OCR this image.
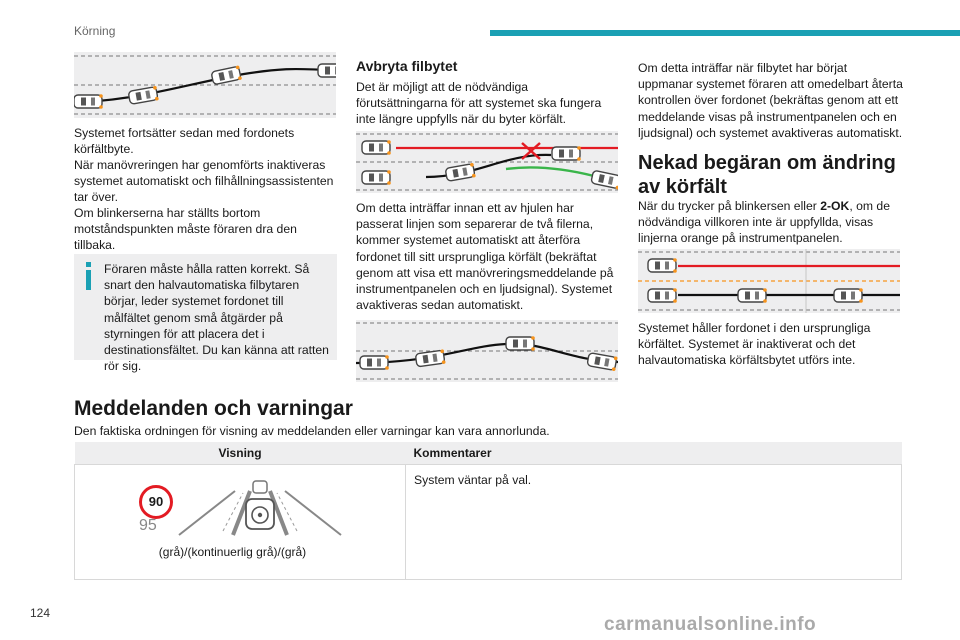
Körning
Systemet fortsätter sedan med fordonets körfältbyte.
När manövreringen har genomförts inaktiveras systemet automatiskt och filhållningsassistenten tar över.
Om blinkerserna har ställts bortom motståndspunkten måste föraren dra den tillbaka.
Föraren måste hålla ratten korrekt. Så snart den halvautomatiska filbytaren börjar, leder systemet fordonet till målfältet genom små åtgärder på styrningen för att placera det i destinationsfältet. Du kan känna att ratten rör sig.
Avbryta filbytet
Det är möjligt att de nödvändiga förutsättningarna för att systemet ska fungera inte längre uppfylls när du byter körfält.
Om detta inträffar innan ett av hjulen har passerat linjen som separerar de två filerna, kommer systemet automatiskt att återföra fordonet till sitt ursprungliga körfält (bekräftat genom att visa ett manövreringsmeddelande på instrumentpanelen och en ljudsignal). Systemet avaktiveras sedan automatiskt.
Om detta inträffar när filbytet har börjat uppmanar systemet föraren att omedelbart återta kontrollen över fordonet (bekräftas genom att ett meddelande visas på instrumentpanelen och en ljudsignal) och systemet avaktiveras automatiskt.
Nekad begäran om ändring av körfält
När du trycker på blinkersen eller 2-OK, om de nödvändiga villkoren inte är uppfyllda, visas linjerna orange på instrumentpanelen.
Systemet håller fordonet i den ursprungliga körfältet. Systemet är inaktiverat och det halvautomatiska körfältsbytet utförs inte.
Meddelanden och varningar
Den faktiska ordningen för visning av meddelanden eller varningar kan vara annorlunda.
Visning	Kommentarer

90
95
(grå)/(kontinuerlig grå)/(grå)	System väntar på val.
124
carmanualsonline.info
